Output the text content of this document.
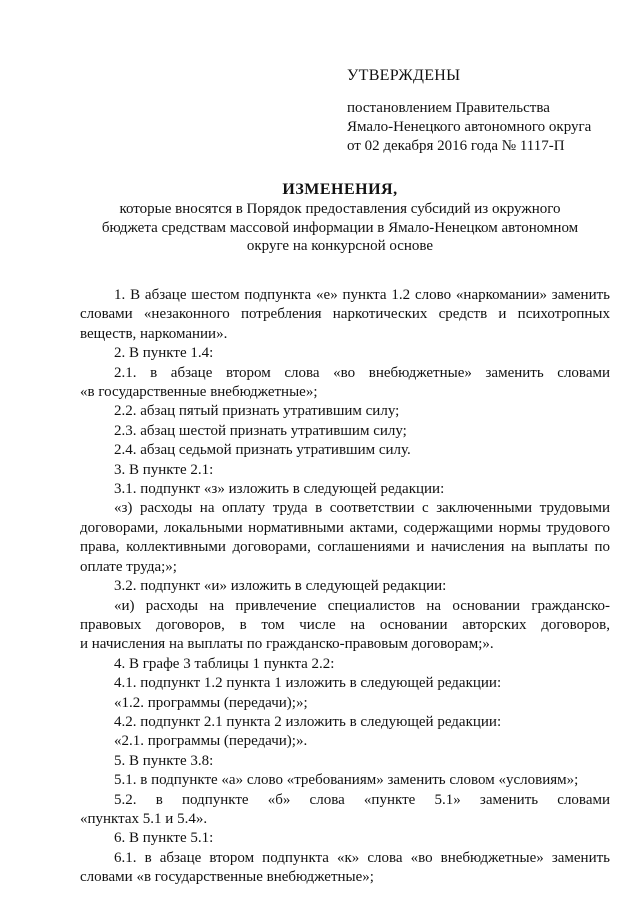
УТВЕРЖДЕНЫ
постановлением Правительства
Ямало-Ненецкого автономного округа
от 02 декабря 2016 года № 1117-П
ИЗМЕНЕНИЯ,
которые вносятся в Порядок предоставления субсидий из окружного
бюджета средствам массовой информации в Ямало-Ненецком автономном
округе на конкурсной основе
1. В абзаце шестом подпункта «е» пункта 1.2 слово «наркомании» заменить
словами «незаконного потребления наркотических средств и психотропных
веществ, наркомании».
2. В пункте 1.4:
2.1. в абзаце втором слова «во внебюджетные» заменить словами
«в государственные внебюджетные»;
2.2. абзац пятый признать утратившим силу;
2.3. абзац шестой признать утратившим силу;
2.4. абзац седьмой признать утратившим силу.
3. В пункте 2.1:
3.1. подпункт «з» изложить в следующей редакции:
«з) расходы на оплату труда в соответствии с заключенными трудовыми
договорами, локальными нормативными актами, содержащими нормы трудового
права, коллективными договорами, соглашениями и начисления на выплаты по
оплате труда;»;
3.2. подпункт «и» изложить в следующей редакции:
«и) расходы на привлечение специалистов на основании гражданско-
правовых договоров, в том числе на основании авторских договоров,
и начисления на выплаты по гражданско-правовым договорам;».
4. В графе 3 таблицы 1 пункта 2.2:
4.1. подпункт 1.2 пункта 1 изложить в следующей редакции:
«1.2. программы (передачи);»;
4.2. подпункт 2.1 пункта 2 изложить в следующей редакции:
«2.1. программы (передачи);».
5. В пункте 3.8:
5.1. в подпункте «а» слово «требованиям» заменить словом «условиям»;
5.2. в подпункте «б» слова «пункте 5.1» заменить словами
«пунктах 5.1 и 5.4».
6. В пункте 5.1:
6.1. в абзаце втором подпункта «к» слова «во внебюджетные» заменить
словами «в государственные внебюджетные»;
